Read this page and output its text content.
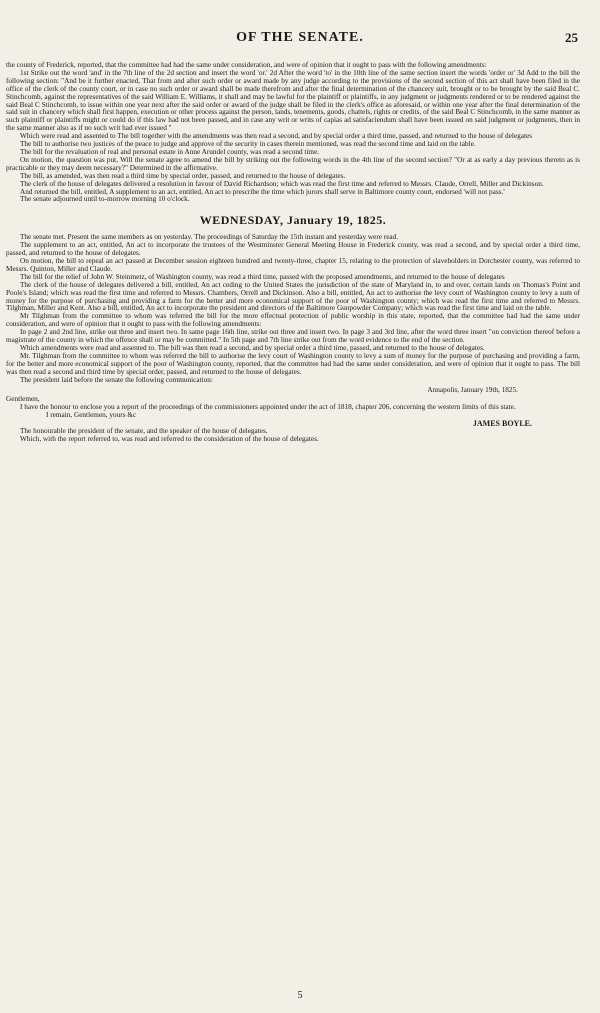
OF THE SENATE.	25

the county of Frederick, reported, that the committee had had the same under consideration, and were of opinion that it ought to pass with the following amendments:

1st Strike out the word 'and' in the 7th line of the 2d section and insert the word 'or.' 2d After the word 'to' in the 10th line of the same section insert the words 'order or' 3d Add to the bill the following section: "And be it further enacted, That from and after such order or award made by any judge according to the provisions of the second section of this act shall have been filed in the office of the clerk of the county court, or in case no such order or award shall be made therefrom and after the final determination of the chancery suit, brought or to be brought by the said Beal C. Stinchcomb, against the representatives of the said William E. Williams, it shall and may be lawful for the plaintiff or plaintiffs, in any judgment or judgments rendered or to be rendered against the said Beal C Stinchcomb, to issue within one year next after the said order or award of the judge shall be filed in the clerk's office as aforesaid, or within one year after the final determination of the said suit in chancery which shall first happen, execution or other process against the person, lands, tenements, goods, chattels, rights or credits, of the said Beal C Stinchcomb, in the same manner as such plaintiff or plaintiffs might or could do if this law had not been passed, and in case any writ or writs of capias ad satisfaciendum shall have been issued on said judgment or judgments, then in the same manner also as if no such writ had ever issued "

Which were read and assented to The bill together with the amendments was then read a second, and by special order a third time, passed, and returned to the house of delegates

The bill to authorise two justices of the peace to judge and approve of the security in cases therein mentioned, was read the second time and laid on the table.

The bill for the revaluation of real and personal estate in Anne Arundel county, was read a second time.

On motion, the question was put, Will the senate agree to amend the bill by striking out the following words in the 4th line of the second section? "Or at as early a day previous thereto as is practicable or they may deem necessary?" Determined in the affirmative.

The bill, as amended, was then read a third time by special order, passed, and returned to the house of delegates.

The clerk of the house of delegates delivered a resolution in favour of David Richardson; which was read the first time and referred to Messrs. Claude, Orrell, Miller and Dickinson.

And returned the bill, entitled, A supplement to an act, entitled, An act to prescribe the time which jurors shall serve in Baltimore county court, endorsed 'will not pass.'

The senate adjourned until to-morrow morning 10 o'clock.

WEDNESDAY, January 19, 1825.

The senate met. Present the same members as on yesterday. The proceedings of Saturday the 15th instant and yesterday were read.

The supplement to an act, entitled, An act to incorporate the trustees of the Westminster General Meeting House in Frederick county, was read a second, and by special order a third time, passed, and returned to the house of delegates.

On motion, the bill to repeal an act passed at December session eighteen hundred and twenty-three, chapter 15, relating to the protection of slaveholders in Dorchester county, was referred to Messrs. Quinton, Miller and Claude.

The bill for the relief of John W. Steinmetz, of Washington county, was read a third time, passed with the proposed amendments, and returned to the house of delegates

The clerk of the house of delegates delivered a bill, entitled, An act ceding to the United States the jurisdiction of the state of Maryland in, to and over, certain lands on Thomas's Point and Poole's Island; which was read the first time and referred to Messrs. Chambers, Orrell and Dickinson. Also a bill, entitled, An act to authorise the levy court of Washington county to levy a sum of money for the purpose of purchasing and providing a farm for the better and more economical support of the poor of Washington county; which was read the first time and referred to Messrs. Tilghman, Miller and Kent. Also a bill, entitled, An act to incorporate the president and directors of the Baltimore Gunpowder Company; which was read the first time and laid on the table.

Mr Tilghman from the committee to whom was referred the bill for the more effectual protection of public worship in this state, reported, that the committee had had the same under consideration, and were of opinion that it ought to pass with the following amendments:

In page 2 and 2nd line, strike out three and insert two. In same page 16th line, strike out three and insert two. In page 3 and 3rd line, after the word three insert "on conviction thereof before a magistrate of the county in which the offence shall or may be committed." In 5th page and 7th line strike out from the word evidence to the end of the section.

Which amendments were read and assented to. The bill was then read a second, and by special order a third time, passed, and returned to the house of delegates.

Mr. Tilghman from the committee to whom was referred the bill to authorise the levy court of Washington county to levy a sum of money for the purpose of purchasing and providing a farm, for the better and more economical support of the poor of Washington county, reported, that the committee had had the same under consideration, and were of opinion that it ought to pass. The bill was then read a second and third time by special order, passed, and returned to the house of delegates.

The president laid before the senate the following communication:

Annapolis, January 19th, 1825.

Gentlemen,

I have the honour to enclose you a report of the proceedings of the commissioners appointed under the act of 1818, chapter 206, concerning the western limits of this state.

I remain, Gentlemen, yours &c

JAMES BOYLE.

The honourable the president of the senate, and the speaker of the house of delegates.

Which, with the report referred to, was read and referred to the consideration of the house of delegates.

5
